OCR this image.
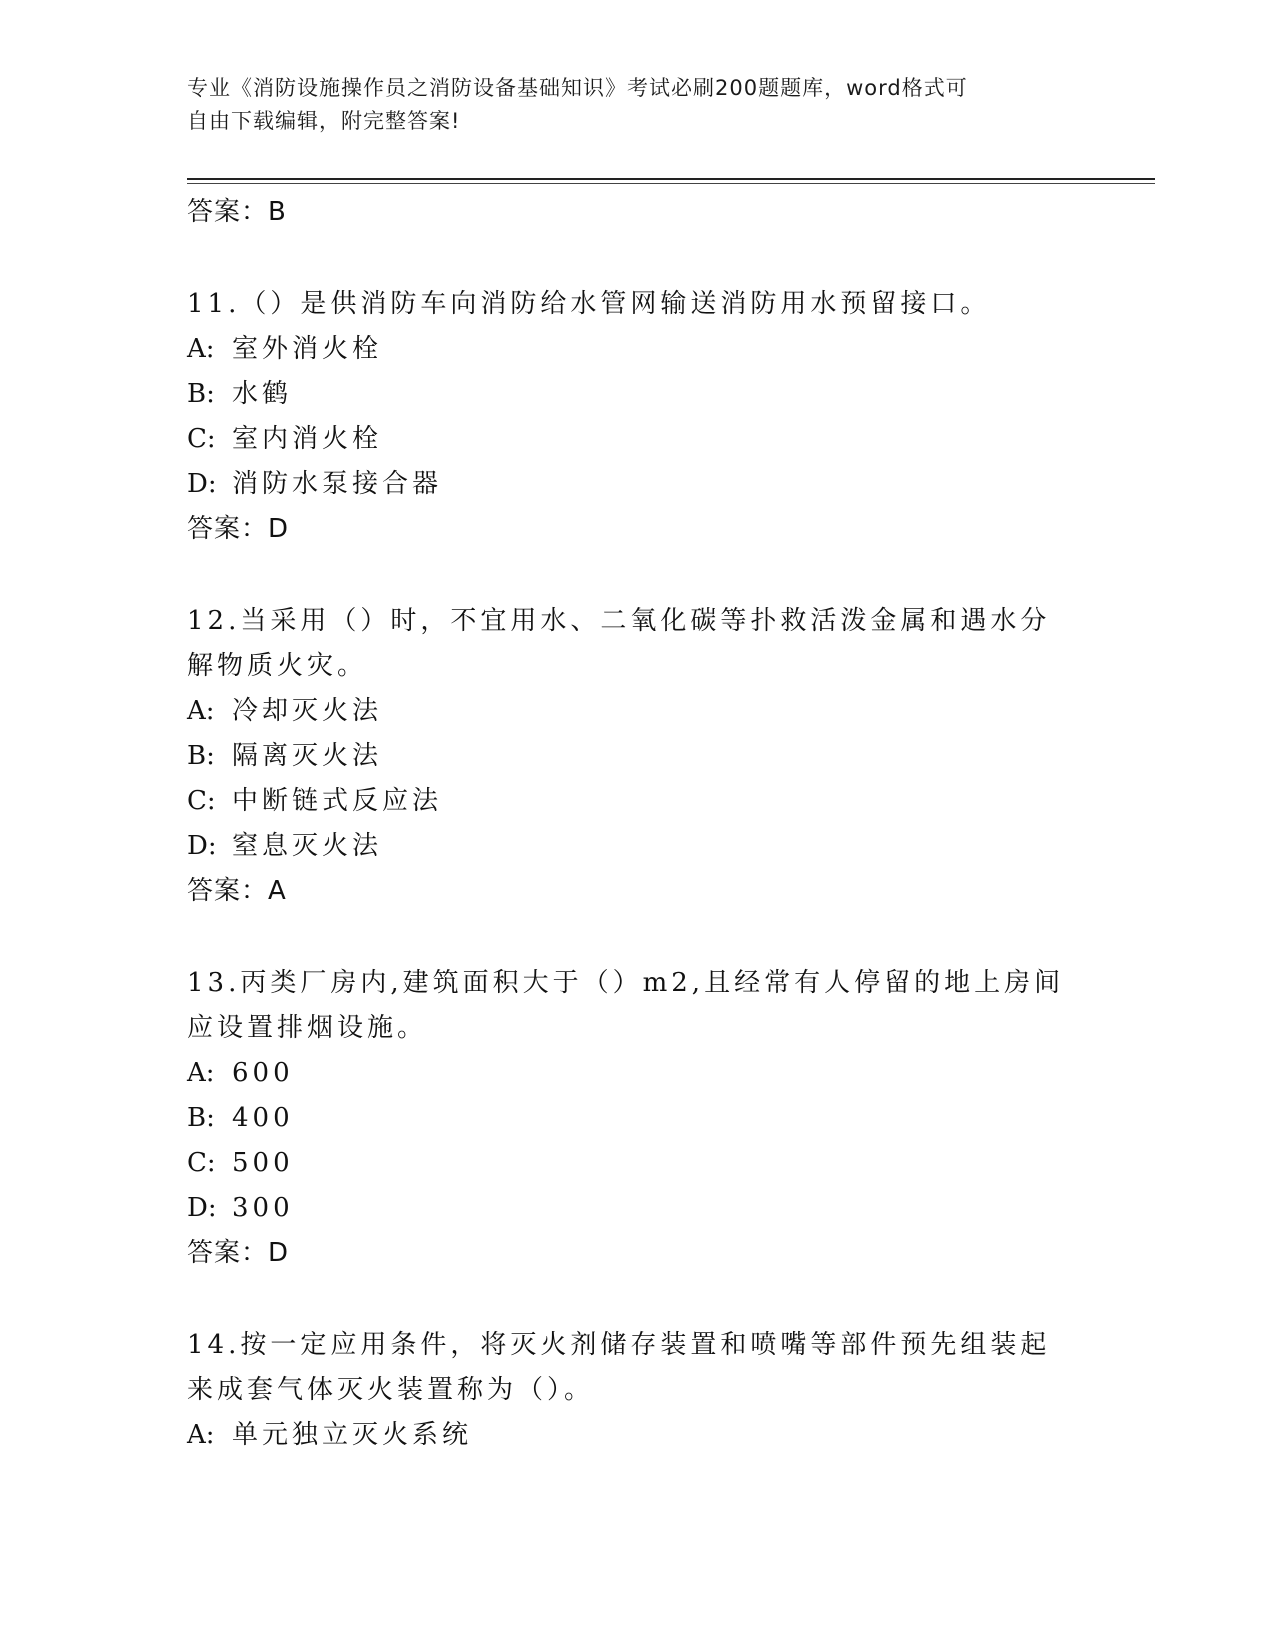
专业《消防设施操作员之消防设备基础知识》考试必刷200题题库，word格式可
自由下载编辑，附完整答案!
答案：B
11.（）是供消防车向消防给水管网输送消防用水预留接口。
A: 室外消火栓
B: 水鹤
C: 室内消火栓
D: 消防水泵接合器
答案：D
12.当采用（）时，不宜用水、二氧化碳等扑救活泼金属和遇水分解物质火灾。
A: 冷却灭火法
B: 隔离灭火法
C: 中断链式反应法
D: 窒息灭火法
答案：A
13.丙类厂房内,建筑面积大于（）m2,且经常有人停留的地上房间应设置排烟设施。
A: 600
B: 400
C: 500
D: 300
答案：D
14.按一定应用条件，将灭火剂储存装置和喷嘴等部件预先组装起来成套气体灭火装置称为（）。
A: 单元独立灭火系统
